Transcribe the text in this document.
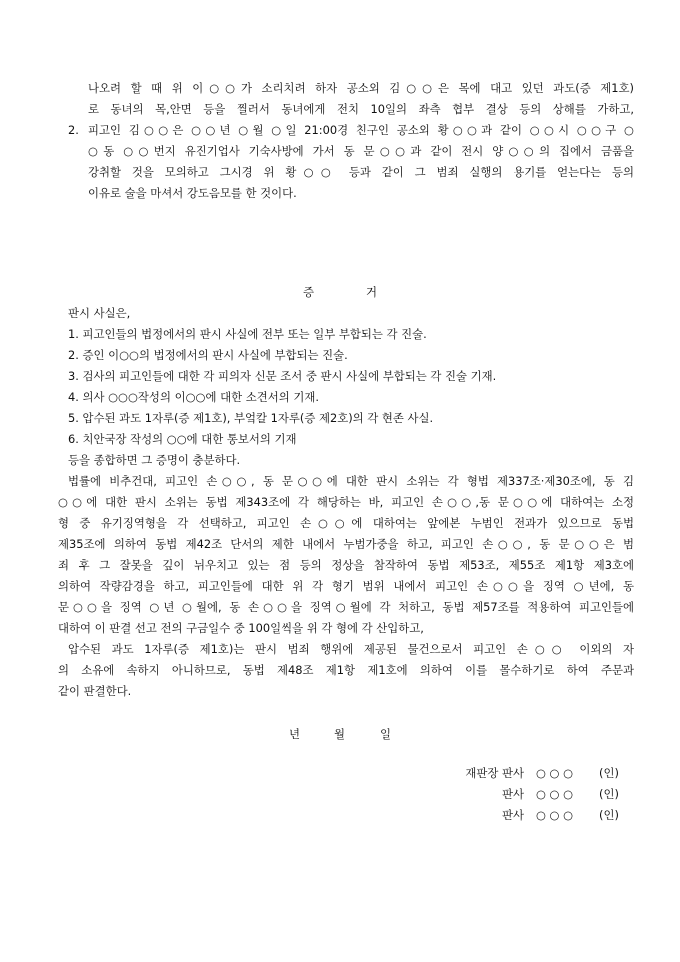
나오려 할 때 위 이○○가 소리치려 하자 공소외 김○○은 목에 대고 있던 과도(증 제1호)
로 동녀의 목,안면 등을 찔러서 동녀에게 전치 10일의 좌측 협부 결상 등의 상해를 가하고,
2. 피고인 김○○은 ○○년 ○월 ○일 21:00경 친구인 공소외 황○○과 같이 ○○시 ○○구 ○
○동 ○○번지 유진기업사 기숙사방에 가서 동 문○○과 같이 전시 양○○의 집에서 금품을
강취할 것을 모의하고 그시경 위 황○○ 등과 같이 그 범죄 실행의 용기를 얻는다는 등의
이유로 술을 마셔서 강도음모를 한 것이다.
증	거
판시 사실은,
1. 피고인들의 법정에서의 판시 사실에 전부 또는 일부 부합되는 각 진술.
2. 증인 이○○의 법정에서의 판시 사실에 부합되는 진술.
3. 검사의 피고인들에 대한 각 피의자 신문 조서 중 판시 사실에 부합되는 각 진술 기재.
4. 의사 ○○○작성의 이○○에 대한 소견서의 기재.
5. 압수된 과도 1자루(증 제1호), 부엌칼 1자루(증 제2호)의 각 현존 사실.
6. 치안국장 작성의 ○○에 대한 통보서의 기재
등을 종합하면 그 증명이 충분하다.
법률에 비추건대, 피고인 손○○, 동 문○○에 대한 판시 소위는 각 형법 제337조·제30조에, 동 김
○○에 대한 판시 소위는 동법 제343조에 각 해당하는 바, 피고인 손○○,동 문○○에 대하여는 소정
형 중 유기징역형을 각 선택하고, 피고인 손○○에 대하여는 앞에본 누범인 전과가 있으므로 동법
제35조에 의하여 동법 제42조 단서의 제한 내에서 누범가중을 하고, 피고인 손○○, 동 문○○은 범
죄 후 그 잘못을 깊이 뉘우치고 있는 점 등의 정상을 참작하여 동법 제53조, 제55조 제1항 제3호에
의하여 작량감경을 하고, 피고인들에 대한 위 각 형기 범위 내에서 피고인 손○○을 징역 ○년에, 동
문○○을 징역 ○년 ○월에, 동 손○○을 징역○월에 각 처하고, 동법 제57조를 적용하여 피고인들에
대하여 이 판결 선고 전의 구금일수 중 100일씩을 위 각 형에 각 산입하고,
압수된 과도 1자루(증 제1호)는 판시 범죄 행위에 제공된 물건으로서 피고인 손○○ 이외의 자
의 소유에 속하지 아니하므로, 동법 제48조 제1항 제1호에 의하여 이를 몰수하기로 하여 주문과
같이 판결한다.
년	월	일
재판장 판사 ○ ○ ○ (인)
판사 ○ ○ ○ (인)
판사 ○ ○ ○ (인)
